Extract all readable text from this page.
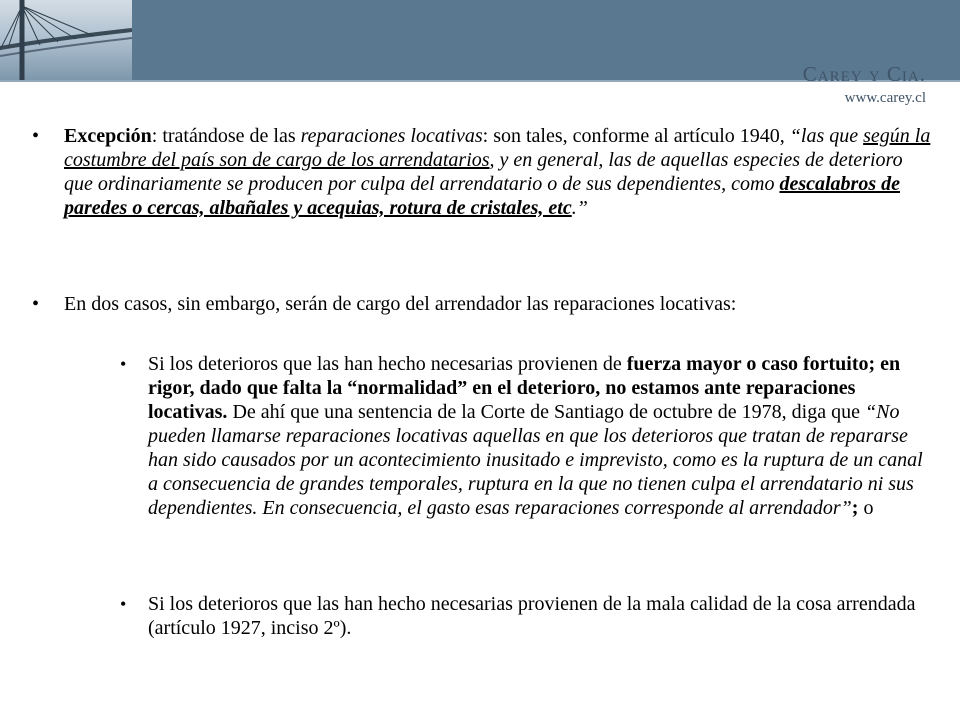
Carey y Cia.
www.carey.cl
• Excepción: tratándose de las reparaciones locativas: son tales, conforme al artículo 1940, “las que según la costumbre del país son de cargo de los arrendatarios, y en general, las de aquellas especies de deterioro que ordinariamente se producen por culpa del arrendatario o de sus dependientes, como descalabros de paredes o cercas, albañales y acequias, rotura de cristales, etc.”
• En dos casos, sin embargo, serán de cargo del arrendador las reparaciones locativas:
• Si los deterioros que las han hecho necesarias provienen de fuerza mayor o caso fortuito; en rigor, dado que falta la “normalidad” en el deterioro, no estamos ante reparaciones locativas. De ahí que una sentencia de la Corte de Santiago de octubre de 1978, diga que “No pueden llamarse reparaciones locativas aquellas en que los deterioros que tratan de repararse han sido causados por un acontecimiento inusitado e imprevisto, como es la ruptura de un canal a consecuencia de grandes temporales, ruptura en la que no tienen culpa el arrendatario ni sus dependientes. En consecuencia, el gasto esas reparaciones corresponde al arrendador”; o
• Si los deterioros que las han hecho necesarias provienen de la mala calidad de la cosa arrendada (artículo 1927, inciso 2º).
